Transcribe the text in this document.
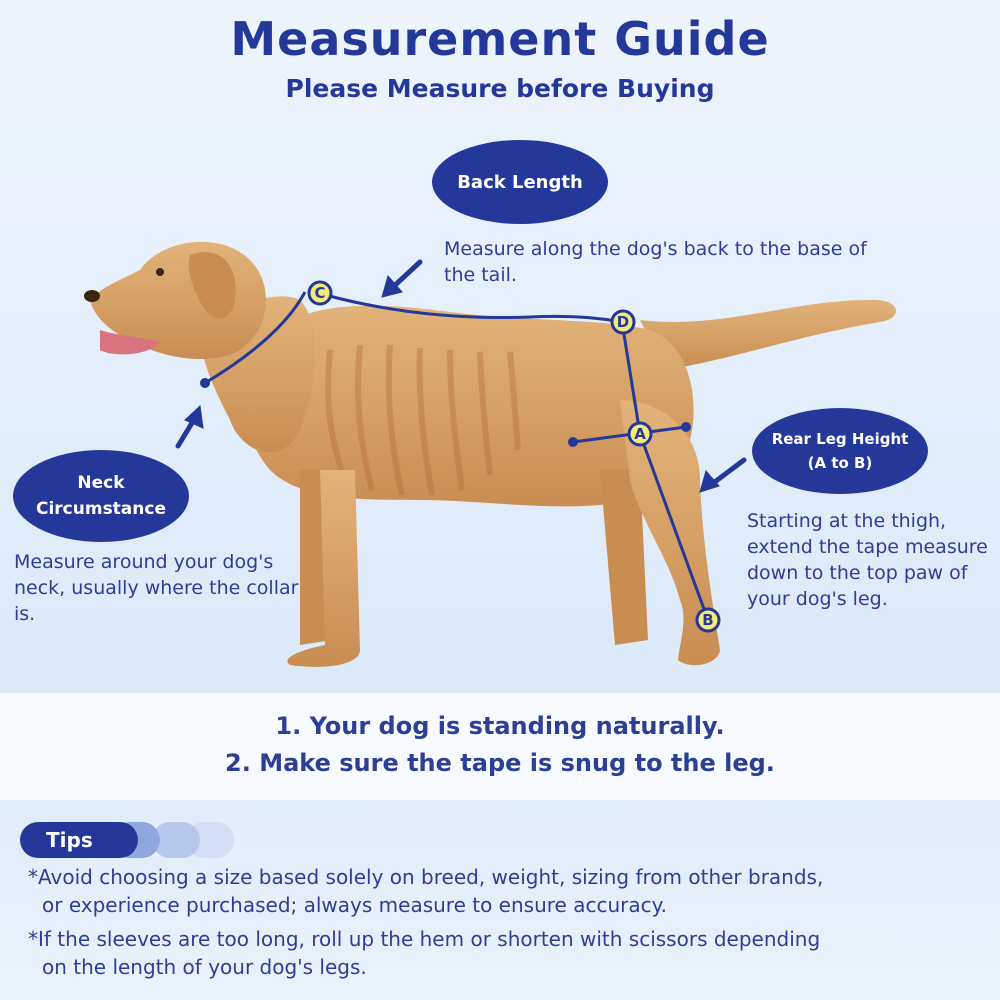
Measurement Guide
Please Measure before Buying
C
D
A
B
Back Length
Measure along the dog's back to the base of the tail.
Neck
Circumstance
Measure around your dog's neck, usually where the collar is.
Rear Leg Height
(A to B)
Starting at the thigh, extend the tape measure down to the top paw of your dog's leg.
1. Your dog is standing naturally.
2. Make sure the tape is snug to the leg.
Tips
*Avoid choosing a size based solely on breed, weight, sizing from other brands,
or experience purchased; always measure to ensure accuracy.
*If the sleeves are too long, roll up the hem or shorten with scissors depending
on the length of your dog's legs.
